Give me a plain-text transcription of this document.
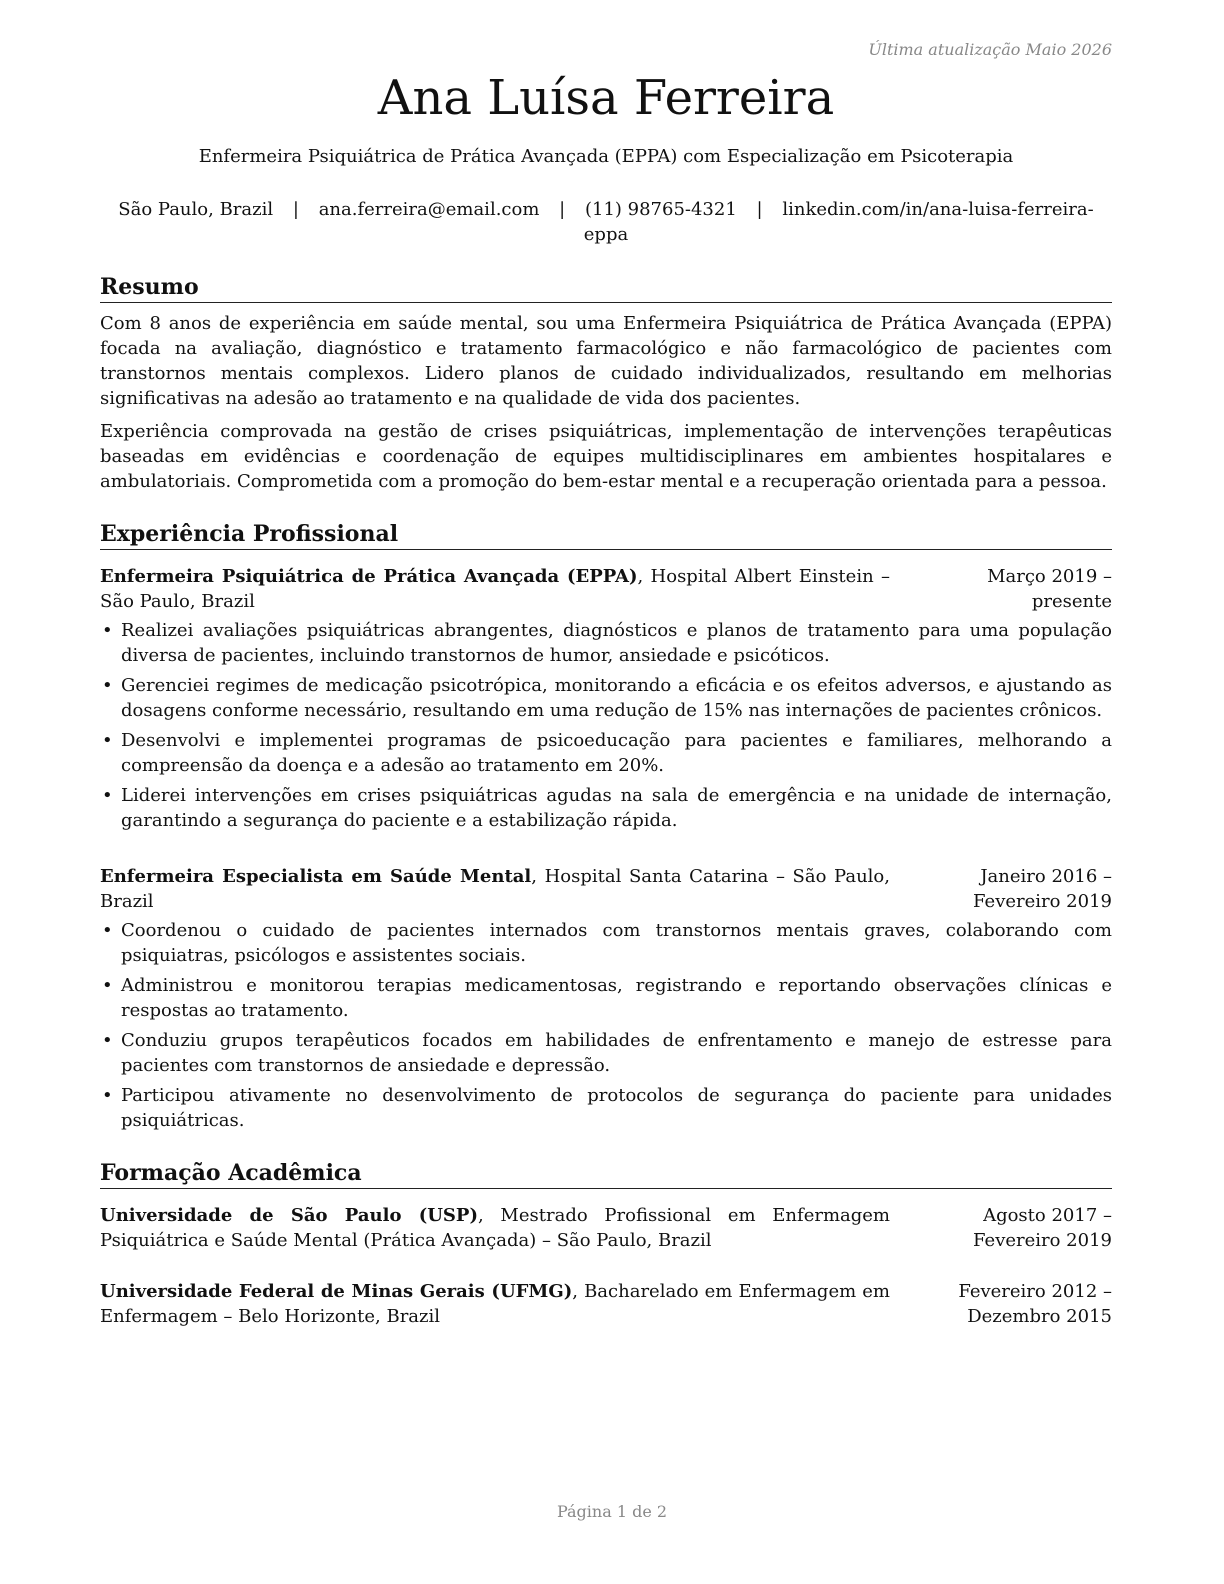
Última atualização Maio 2026
Ana Luísa Ferreira
Enfermeira Psiquiátrica de Prática Avançada (EPPA) com Especialização em Psicoterapia
São Paulo, Brazil | ana.ferreira@email.com | (11) 98765-4321 | linkedin.com/in/ana-luisa-ferreira-eppa
Resumo

Com 8 anos de experiência em saúde mental, sou uma Enfermeira Psiquiátrica de Prática Avançada (EPPA) focada na avaliação, diagnóstico e tratamento farmacológico e não farmacológico de pacientes com transtornos mentais complexos. Lidero planos de cuidado individualizados, resultando em melhorias significativas na adesão ao tratamento e na qualidade de vida dos pacientes.

Experiência comprovada na gestão de crises psiquiátricas, implementação de intervenções terapêuticas baseadas em evidências e coordenação de equipes multidisciplinares em ambientes hospitalares e ambulatoriais. Comprometida com a promoção do bem-estar mental e a recuperação orientada para a pessoa.

Experiência Profissional
Enfermeira Psiquiátrica de Prática Avançada (EPPA), Hospital Albert Einstein – São Paulo, Brazil
Março 2019 – presente
• Realizei avaliações psiquiátricas abrangentes, diagnósticos e planos de tratamento para uma população diversa de pacientes, incluindo transtornos de humor, ansiedade e psicóticos.
• Gerenciei regimes de medicação psicotrópica, monitorando a eficácia e os efeitos adversos, e ajustando as dosagens conforme necessário, resultando em uma redução de 15% nas internações de pacientes crônicos.
• Desenvolvi e implementei programas de psicoeducação para pacientes e familiares, melhorando a compreensão da doença e a adesão ao tratamento em 20%.
• Liderei intervenções em crises psiquiátricas agudas na sala de emergência e na unidade de internação, garantindo a segurança do paciente e a estabilização rápida.
Enfermeira Especialista em Saúde Mental, Hospital Santa Catarina – São Paulo, Brazil
Janeiro 2016 – Fevereiro 2019
• Coordenou o cuidado de pacientes internados com transtornos mentais graves, colaborando com psiquiatras, psicólogos e assistentes sociais.
• Administrou e monitorou terapias medicamentosas, registrando e reportando observações clínicas e respostas ao tratamento.
• Conduziu grupos terapêuticos focados em habilidades de enfrentamento e manejo de estresse para pacientes com transtornos de ansiedade e depressão.
• Participou ativamente no desenvolvimento de protocolos de segurança do paciente para unidades psiquiátricas.
Formação Acadêmica
Universidade de São Paulo (USP), Mestrado Profissional em Enfermagem Psiquiátrica e Saúde Mental (Prática Avançada) – São Paulo, Brazil
Agosto 2017 – Fevereiro 2019
Universidade Federal de Minas Gerais (UFMG), Bacharelado em Enfermagem em Enfermagem – Belo Horizonte, Brazil
Fevereiro 2012 – Dezembro 2015
Página 1 de 2
